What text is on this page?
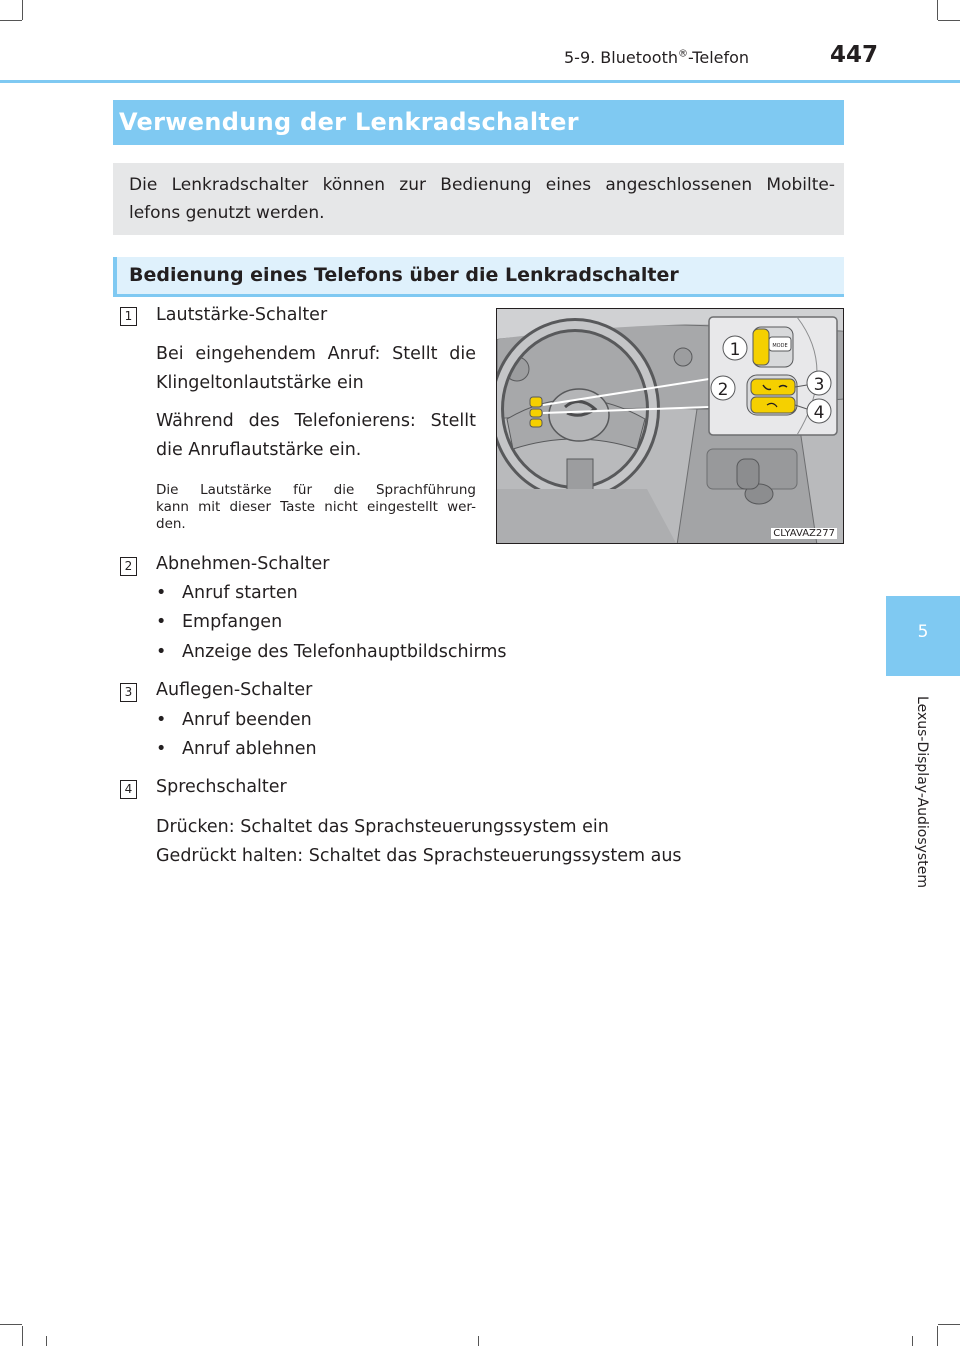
5-9. Bluetooth®-Telefon	447
5
Lexus-Display-Audiosystem
Verwendung der Lenkradschalter
Die Lenkradschalter können zur Bedienung eines angeschlossenen Mobilte-
lefons genutzt werden.
Bedienung eines Telefons über die Lenkradschalter
1 Lautstärke-Schalter
Bei eingehendem Anruf: Stellt die
Klingeltonlautstärke ein
Während des Telefonierens: Stellt
die Anruflautstärke ein.
Die Lautstärke für die Sprachführung
kann mit dieser Taste nicht eingestellt wer-
den.
MODE
1
2	3
4
CLYAVAZ277
2 Abnehmen-Schalter
• Anruf starten
• Empfangen
• Anzeige des Telefonhauptbildschirms
3 Auflegen-Schalter
• Anruf beenden
• Anruf ablehnen
4 Sprechschalter
Drücken: Schaltet das Sprachsteuerungssystem ein
Gedrückt halten: Schaltet das Sprachsteuerungssystem aus
